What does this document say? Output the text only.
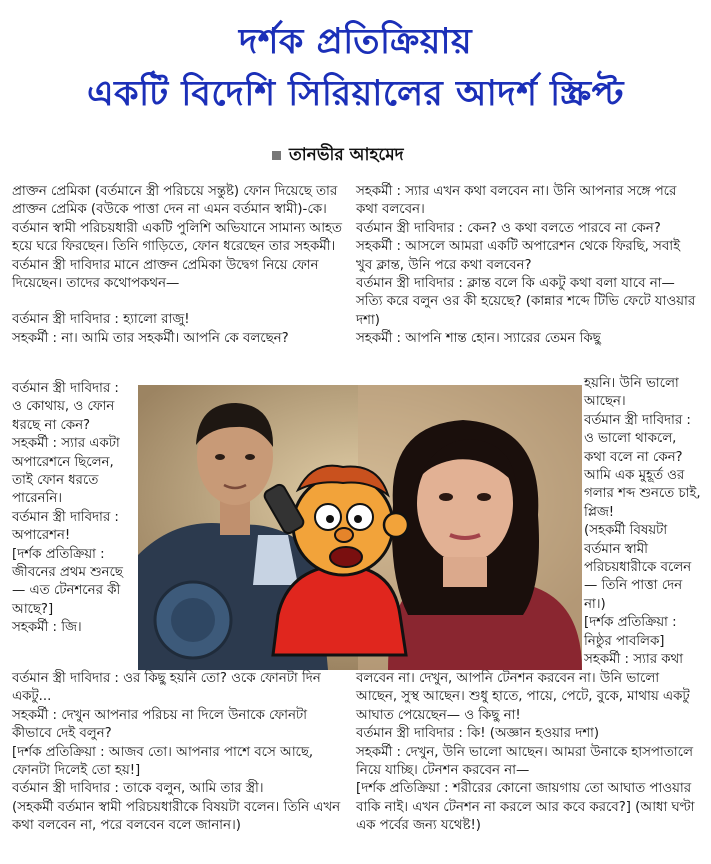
দর্শক প্রতিক্রিয়ায়
একটি বিদেশি সিরিয়ালের আদর্শ স্ক্রিপ্ট
তানভীর আহমেদ

প্রাক্তন প্রেমিকা (বর্তমানে স্ত্রী পরিচয়ে সন্তুষ্ট) ফোন দিয়েছে তার প্রাক্তন প্রেমিক (বউকে পাত্তা দেন না এমন বর্তমান স্বামী)-কে। বর্তমান স্বামী পরিচয়ধারী একটি পুলিশি অভিযানে সামান্য আহত হয়ে ঘরে ফিরছেন। তিনি গাড়িতে, ফোন ধরেছেন তার সহকর্মী। বর্তমান স্ত্রী দাবিদার মানে প্রাক্তন প্রেমিকা উদ্বেগ নিয়ে ফোন দিয়েছেন। তাদের কথোপকথন—

বর্তমান স্ত্রী দাবিদার : হ্যালো রাজু!

সহকর্মী : না। আমি তার সহকর্মী। আপনি কে বলছেন?

বর্তমান স্ত্রী দাবিদার : ও কোথায়, ও ফোন ধরছে না কেন?

সহকর্মী : স্যার একটা অপারেশনে ছিলেন, তাই ফোন ধরতে পারেননি।

বর্তমান স্ত্রী দাবিদার : অপারেশন!

[দর্শক প্রতিক্রিয়া : জীবনের প্রথম শুনছে— এত টেনশনের কী আছে?]

সহকর্মী : জি।

বর্তমান স্ত্রী দাবিদার : ওর কিছু হয়নি তো? ওকে ফোনটা দিন একটু...

সহকর্মী : দেখুন আপনার পরিচয় না দিলে উনাকে ফোনটা কীভাবে দেই বলুন?

[দর্শক প্রতিক্রিয়া : আজব তো। আপনার পাশে বসে আছে, ফোনটা দিলেই তো হয়!]

বর্তমান স্ত্রী দাবিদার : তাকে বলুন, আমি তার স্ত্রী।

(সহকর্মী বর্তমান স্বামী পরিচয়ধারীকে বিষয়টা বলেন। তিনি এখন কথা বলবেন না, পরে বলবেন বলে জানান।)

সহকর্মী : স্যার এখন কথা বলবেন না। উনি আপনার সঙ্গে পরে কথা বলবেন।

বর্তমান স্ত্রী দাবিদার : কেন? ও কথা বলতে পারবে না কেন?

সহকর্মী : আসলে আমরা একটি অপারেশন থেকে ফিরছি, সবাই খুব ক্লান্ত, উনি পরে কথা বলবেন?

বর্তমান স্ত্রী দাবিদার : ক্লান্ত বলে কি একটু কথা বলা যাবে না— সত্যি করে বলুন ওর কী হয়েছে? (কান্নার শব্দে টিভি ফেটে যাওয়ার দশা)

সহকর্মী : আপনি শান্ত হোন। স্যারের তেমন কিছু

হয়নি। উনি ভালো আছেন।

বর্তমান স্ত্রী দাবিদার : ও ভালো থাকলে, কথা বলে না কেন? আমি এক মুহূর্ত ওর গলার শব্দ শুনতে চাই, প্লিজ!

(সহকর্মী বিষয়টা বর্তমান স্বামী পরিচয়ধারীকে বলেন— তিনি পাত্তা দেন না।)

[দর্শক প্রতিক্রিয়া : নিষ্ঠুর পাবলিক]

সহকর্মী : স্যার কথা

বলবেন না। দেখুন, আপনি টেনশন করবেন না। উনি ভালো আছেন, সুস্থ আছেন। শুধু হাতে, পায়ে, পেটে, বুকে, মাথায় একটু আঘাত পেয়েছেন— ও কিছু না!

বর্তমান স্ত্রী দাবিদার : কি! (অজ্ঞান হওয়ার দশা)

সহকর্মী : দেখুন, উনি ভালো আছেন। আমরা উনাকে হাসপাতালে নিয়ে যাচ্ছি। টেনশন করবেন না—

[দর্শক প্রতিক্রিয়া : শরীরের কোনো জায়গায় তো আঘাত পাওয়ার বাকি নাই। এখন টেনশন না করলে আর কবে করবে?] (আধা ঘণ্টা এক পর্বের জন্য যথেষ্ট!)
